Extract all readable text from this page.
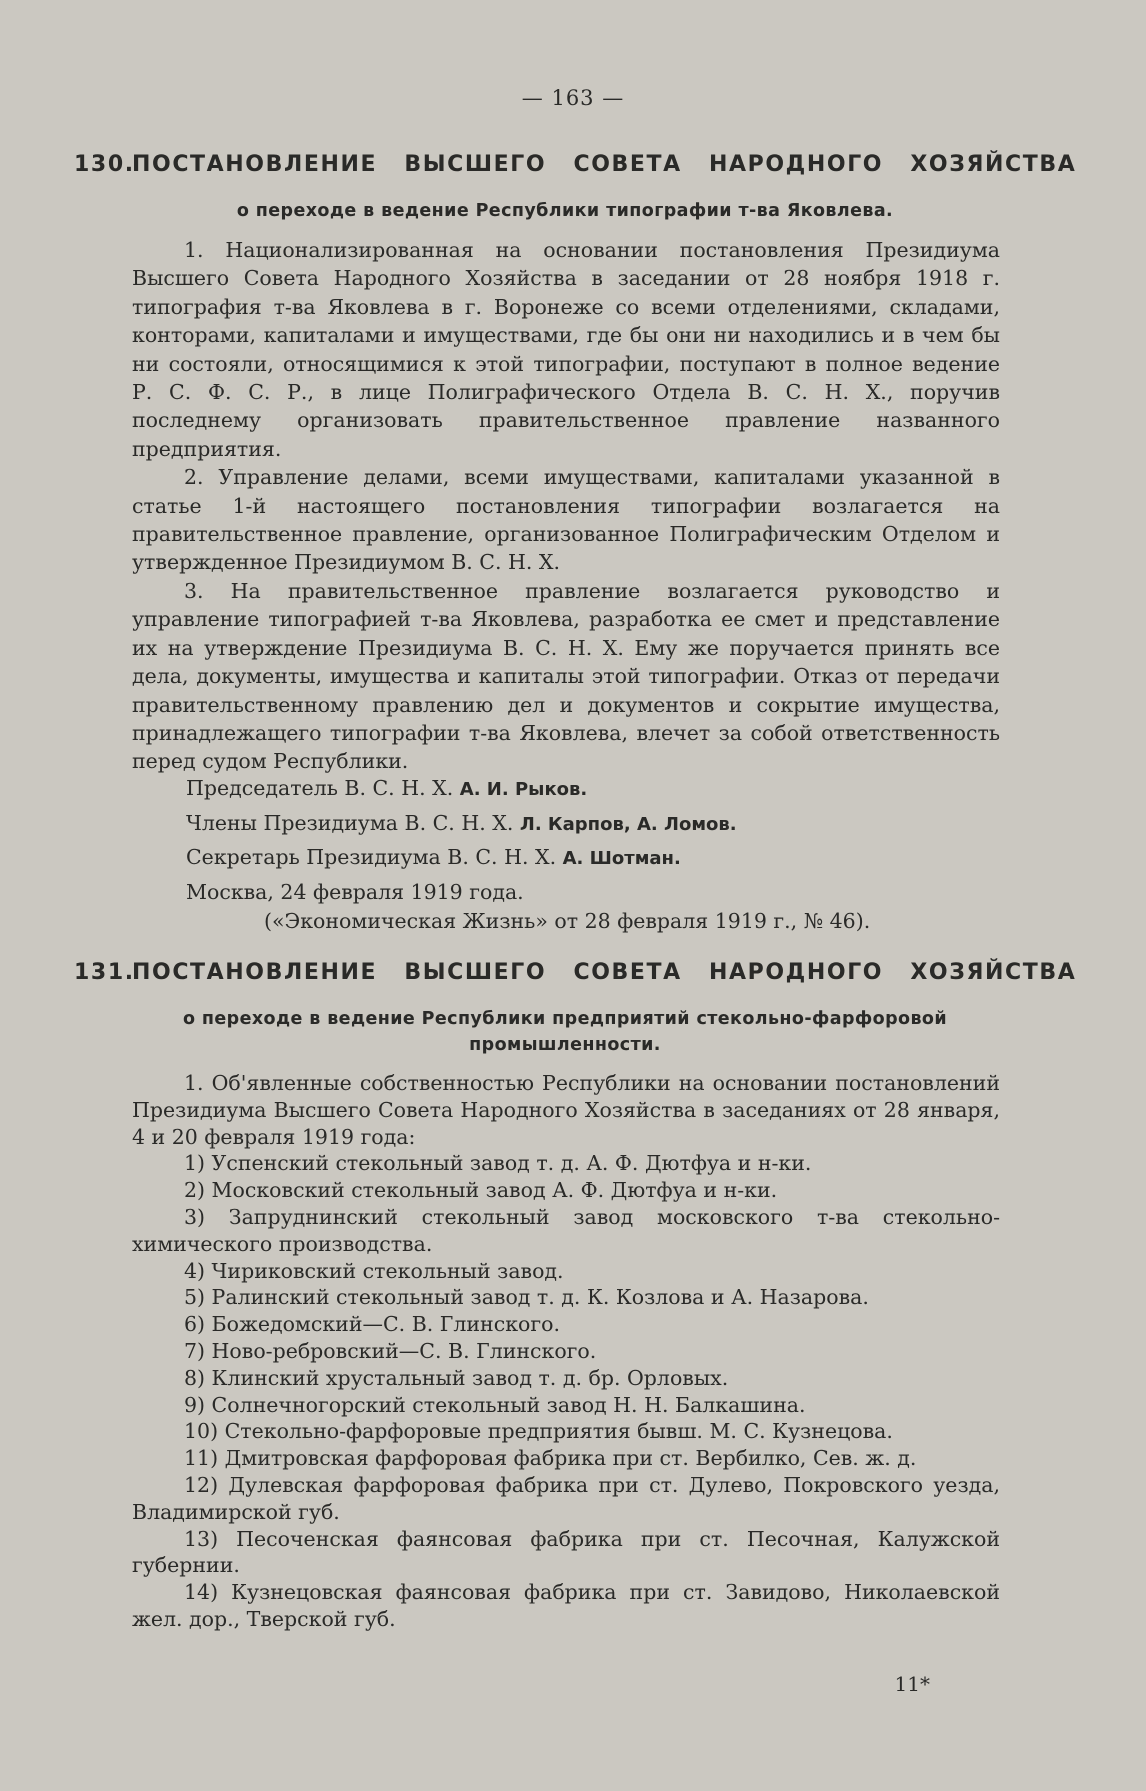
— 163 —
130.ПОСТАНОВЛЕНИЕ ВЫСШЕГО СОВЕТА НАРОДНОГО ХОЗЯЙСТВА
о переходе в ведение Республики типографии т-ва Яковлева.

1. Национализированная на основании постановления Президиума Высшего Совета Народного Хозяйства в заседании от 28 ноября 1918 г. типография т-ва Яковлева в г. Воронеже со всеми отделениями, складами, конторами, капиталами и имуществами, где бы они ни находились и в чем бы ни состояли, относящимися к этой типографии, поступают в полное ведение Р. С. Ф. С. Р., в лице Полиграфического Отдела В. С. Н. Х., поручив последнему организовать правительственное правление названного предприятия.

2. Управление делами, всеми имуществами, капиталами указанной в статье 1-й настоящего постановления типографии возлагается на правительственное правление, организованное Полиграфическим Отделом и утвержденное Президиумом В. С. Н. Х.

3. На правительственное правление возлагается руководство и управление типографией т-ва Яковлева, разработка ее смет и представление их на утверждение Президиума В. С. Н. Х. Ему же поручается принять все дела, документы, имущества и капиталы этой типографии. Отказ от передачи правительственному правлению дел и документов и сокрытие имущества, принадлежащего типографии т-ва Яковлева, влечет за собой ответственность перед судом Республики.

Председатель В. С. Н. Х. А. И. Рыков.
Члены Президиума В. С. Н. Х. Л. Карпов, А. Ломов.
Секретарь Президиума В. С. Н. Х. А. Шотман.
Москва, 24 февраля 1919 года.
(«Экономическая Жизнь» от 28 февраля 1919 г., № 46).
131.ПОСТАНОВЛЕНИЕ ВЫСШЕГО СОВЕТА НАРОДНОГО ХОЗЯЙСТВА
о переходе в ведение Республики предприятий стекольно-фарфоровой промышленности.

1. Об'явленные собственностью Республики на основании постановлений Президиума Высшего Совета Народного Хозяйства в заседаниях от 28 января, 4 и 20 февраля 1919 года:

1) Успенский стекольный завод т. д. А. Ф. Дютфуа и н-ки.

2) Московский стекольный завод А. Ф. Дютфуа и н-ки.

3) Запруднинский стекольный завод московского т-ва стекольно-химического производства.

4) Чириковский стекольный завод.

5) Ралинский стекольный завод т. д. К. Козлова и А. Назарова.

6) Божедомский—С. В. Глинского.

7) Ново-ребровский—С. В. Глинского.

8) Клинский хрустальный завод т. д. бр. Орловых.

9) Солнечногорский стекольный завод Н. Н. Балкашина.

10) Стекольно-фарфоровые предприятия бывш. М. С. Кузнецова.

11) Дмитровская фарфоровая фабрика при ст. Вербилко, Сев. ж. д.

12) Дулевская фарфоровая фабрика при ст. Дулево, Покровского уезда, Владимирской губ.

13) Песоченская фаянсовая фабрика при ст. Песочная, Калужской губернии.

14) Кузнецовская фаянсовая фабрика при ст. Завидово, Николаевской жел. дор., Тверской губ.

11*
